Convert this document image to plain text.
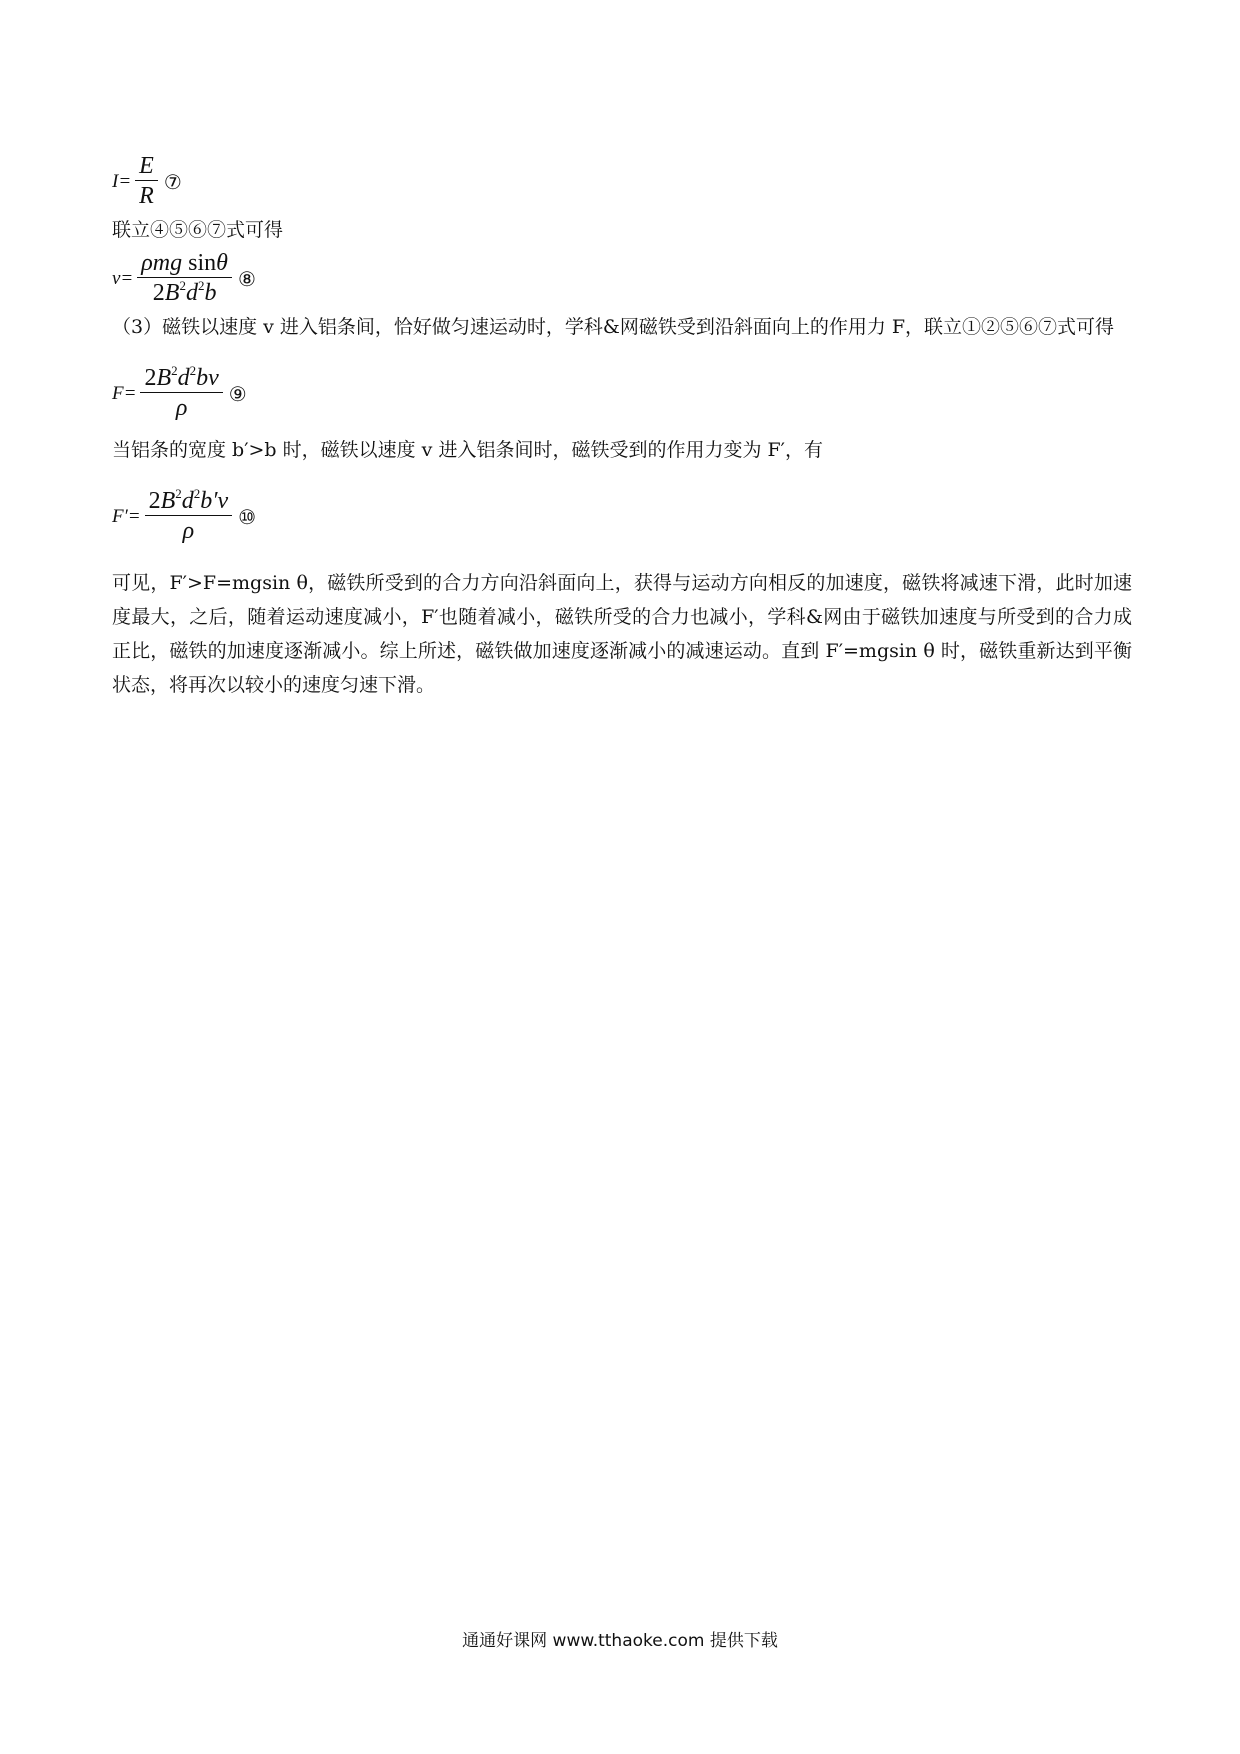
$I= \frac{E}{R}$ ⑦

联立④⑤⑥⑦式可得

$v= \frac{\text{ρmg sinθ}}{2B^2d^2b}$ ⑧

（3）磁铁以速度 v 进入铝条间，恰好做匀速运动时，学科&网磁铁受到沿斜面向上的作用力 F，联立①②⑤⑥⑦式可得

$F= \frac{2B^2d^2bv}{\rho}$ ⑨

当铝条的宽度 b′>b 时，磁铁以速度 v 进入铝条间时，磁铁受到的作用力变为 F′，有

$F'= \frac{2B^2d^2b'v}{\rho}$ ⑩

可见，F′>F=mgsin θ，磁铁所受到的合力方向沿斜面向上，获得与运动方向相反的加速度，磁铁将减速下滑，此时加速度最大，之后，随着运动速度减小，F′也随着减小，磁铁所受的合力也减小，学科&网由于磁铁加速度与所受到的合力成正比，磁铁的加速度逐渐减小。综上所述，磁铁做加速度逐渐减小的减速运动。直到 F′=mgsin θ 时，磁铁重新达到平衡状态，将再次以较小的速度匀速下滑。

通通好课网 www.tthaoke.com 提供下载
